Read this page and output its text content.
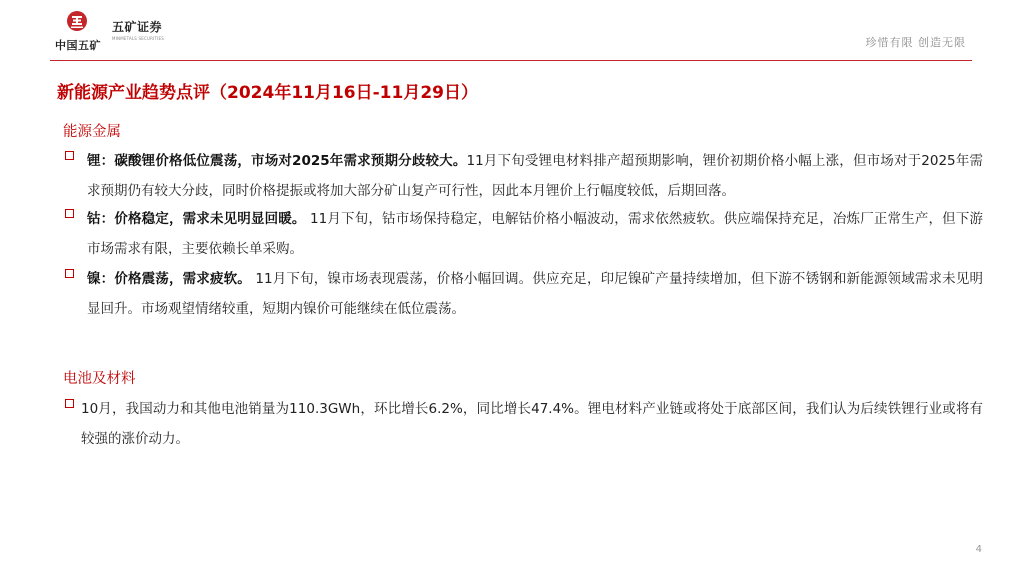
中国五矿
五矿证券
MINMETALS SECURITIES	珍惜有限 创造无限
新能源产业趋势点评（2024年11月16日-11月29日）
能源金属
锂：碳酸锂价格低位震荡，市场对2025年需求预期分歧较大。11月下旬受锂电材料排产超预期影响，锂价初期价格小幅上涨，但市场对于2025年需求预期仍有较大分歧，同时价格提振或将加大部分矿山复产可行性，因此本月锂价上行幅度较低，后期回落。
钴：价格稳定，需求未见明显回暖。 11月下旬，钴市场保持稳定，电解钴价格小幅波动，需求依然疲软。供应端保持充足，冶炼厂正常生产，但下游市场需求有限，主要依赖长单采购。
镍：价格震荡，需求疲软。 11月下旬，镍市场表现震荡，价格小幅回调。供应充足，印尼镍矿产量持续增加，但下游不锈钢和新能源领域需求未见明显回升。市场观望情绪较重，短期内镍价可能继续在低位震荡。
电池及材料
10月，我国动力和其他电池销量为110.3GWh，环比增长6.2%，同比增长47.4%。锂电材料产业链或将处于底部区间，我们认为后续铁锂行业或将有较强的涨价动力。
4
